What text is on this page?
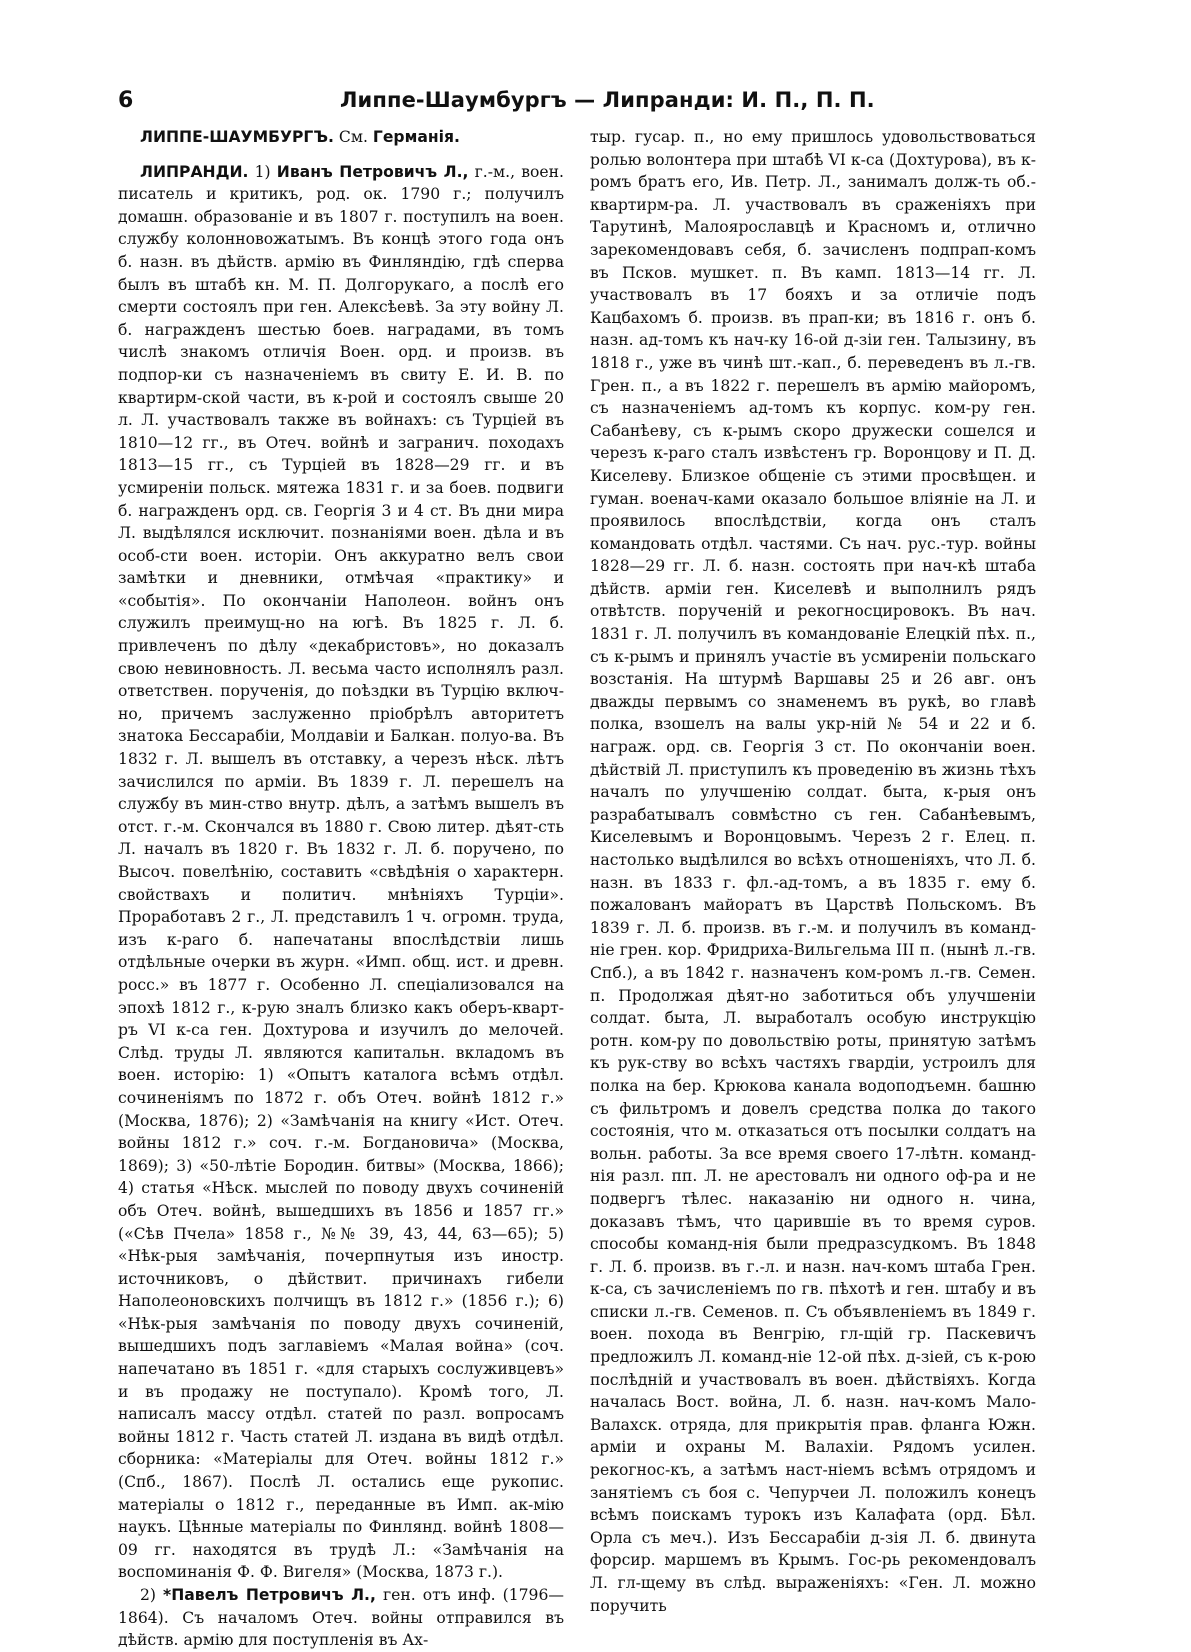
6	Липпе-Шаумбургъ — Липранди: И. П., П. П.

ЛИППЕ-ШАУМБУРГЪ. См. Германія.

ЛИПРАНДИ. 1) Иванъ Петровичъ Л., г.-м., воен. писатель и критикъ, род. ок. 1790 г.; получилъ домашн. образованіе и въ 1807 г. поступилъ на воен. службу колонновожатымъ. Въ концѣ этого года онъ б. назн. въ дѣйств. армію въ Финляндію, гдѣ сперва былъ въ штабѣ кн. М. П. Долгорукаго, а послѣ его смерти состоялъ при ген. Алексѣевѣ. За эту войну Л. б. награжденъ шестью боев. наградами, въ томъ числѣ знакомъ отличія Воен. орд. и произв. въ подпор-ки съ назначеніемъ въ свиту Е. И. В. по квартирм-ской части, въ к-рой и состоялъ свыше 20 л. Л. участвовалъ также въ войнахъ: съ Турціей въ 1810—12 гг., въ Отеч. войнѣ и загранич. походахъ 1813—15 гг., съ Турціей въ 1828—29 гг. и въ усмиреніи польск. мятежа 1831 г. и за боев. подвиги б. награжденъ орд. св. Георгія 3 и 4 ст. Въ дни мира Л. выдѣлялся исключит. познаніями воен. дѣла и въ особ-сти воен. исторіи. Онъ аккуратно велъ свои замѣтки и дневники, отмѣчая «практику» и «событія». По окончаніи Наполеон. войнъ онъ служилъ преимущ-но на югѣ. Въ 1825 г. Л. б. привлеченъ по дѣлу «декабристовъ», но доказалъ свою невиновность. Л. весьма часто исполнялъ разл. ответствен. порученія, до поѣздки въ Турцію включ-но, причемъ заслуженно пріобрѣлъ авторитетъ знатока Бессарабіи, Молдавіи и Балкан. полуо-ва. Въ 1832 г. Л. вышелъ въ отставку, а черезъ нѣск. лѣтъ зачислился по арміи. Въ 1839 г. Л. перешелъ на службу въ мин-ство внутр. дѣлъ, а затѣмъ вышелъ въ отст. г.-м. Скончался въ 1880 г. Свою литер. дѣят-сть Л. началъ въ 1820 г. Въ 1832 г. Л. б. поручено, по Высоч. повелѣнію, составить «свѣдѣнія о характерн. свойствахъ и политич. мнѣніяхъ Турціи». Проработавъ 2 г., Л. представилъ 1 ч. огромн. труда, изъ к-раго б. напечатаны впослѣдствіи лишь отдѣльные очерки въ журн. «Имп. общ. ист. и древн. росс.» въ 1877 г. Особенно Л. спеціализовался на эпохѣ 1812 г., к-рую зналъ близко какъ оберъ-кварт-ръ VI к-са ген. Дохтурова и изучилъ до мелочей. Слѣд. труды Л. являются капитальн. вкладомъ въ воен. исторію: 1) «Опытъ каталога всѣмъ отдѣл. сочиненіямъ по 1872 г. объ Отеч. войнѣ 1812 г.» (Москва, 1876); 2) «Замѣчанія на книгу «Ист. Отеч. войны 1812 г.» соч. г.-м. Богдановича» (Москва, 1869); 3) «50-лѣтіе Бородин. битвы» (Москва, 1866); 4) статья «Нѣск. мыслей по поводу двухъ сочиненій объ Отеч. войнѣ, вышедшихъ въ 1856 и 1857 гг.» («Сѣв Пчела» 1858 г., №№ 39, 43, 44, 63—65); 5) «Нѣк-рыя замѣчанія, почерпнутыя изъ иностр. источниковъ, о дѣйствит. причинахъ гибели Наполеоновскихъ полчищъ въ 1812 г.» (1856 г.); 6) «Нѣк-рыя замѣчанія по поводу двухъ сочиненій, вышедшихъ подъ заглавіемъ «Малая война» (соч. напечатано въ 1851 г. «для старыхъ сослуживцевъ» и въ продажу не поступало). Кромѣ того, Л. написалъ массу отдѣл. статей по разл. вопросамъ войны 1812 г. Часть статей Л. издана въ видѣ отдѣл. сборника: «Матеріалы для Отеч. войны 1812 г.» (Спб., 1867). Послѣ Л. остались еще рукопис. матеріалы о 1812 г., переданные въ Имп. ак-мію наукъ. Цѣнные матеріалы по Финлянд. войнѣ 1808—09 гг. находятся въ трудѣ Л.: «Замѣчанія на воспоминанія Ф. Ф. Вигеля» (Москва, 1873 г.).

2) *Павелъ Петровичъ Л., ген. отъ инф. (1796—1864). Съ началомъ Отеч. войны отправился въ дѣйств. армію для поступленія въ Ах-

тыр. гусар. п., но ему пришлось удовольствоваться ролью волонтера при штабѣ VI к-са (Дохтурова), въ к-ромъ братъ его, Ив. Петр. Л., занималъ долж-ть об.-квартирм-ра. Л. участвовалъ въ сраженіяхъ при Тарутинѣ, Малоярославцѣ и Красномъ и, отлично зарекомендовавъ себя, б. зачисленъ подпрап-комъ въ Псков. мушкет. п. Въ камп. 1813—14 гг. Л. участвовалъ въ 17 бояхъ и за отличіе подъ Кацбахомъ б. произв. въ прап-ки; въ 1816 г. онъ б. назн. ад-томъ къ нач-ку 16-ой д-зіи ген. Талызину, въ 1818 г., уже въ чинѣ шт.-кап., б. переведенъ въ л.-гв. Грен. п., а въ 1822 г. перешелъ въ армію майоромъ, съ назначеніемъ ад-томъ къ корпус. ком-ру ген. Сабанѣеву, съ к-рымъ скоро дружески сошелся и черезъ к-раго сталъ извѣстенъ гр. Воронцову и П. Д. Киселеву. Близкое общеніе съ этими просвѣщен. и гуман. военач-ками оказало большое вліяніе на Л. и проявилось впослѣдствіи, когда онъ сталъ командовать отдѣл. частями. Съ нач. рус.-тур. войны 1828—29 гг. Л. б. назн. состоять при нач-кѣ штаба дѣйств. арміи ген. Киселевѣ и выполнилъ рядъ отвѣтств. порученій и рекогносцировокъ. Въ нач. 1831 г. Л. получилъ въ командованіе Елецкій пѣх. п., съ к-рымъ и принялъ участіе въ усмиреніи польскаго возстанія. На штурмѣ Варшавы 25 и 26 авг. онъ дважды первымъ со знаменемъ въ рукѣ, во главѣ полка, взошелъ на валы укр-ній № 54 и 22 и б. награж. орд. св. Георгія 3 ст. По окончаніи воен. дѣйствій Л. приступилъ къ проведенію въ жизнь тѣхъ началъ по улучшенію солдат. быта, к-рыя онъ разрабатывалъ совмѣстно съ ген. Сабанѣевымъ, Киселевымъ и Воронцовымъ. Черезъ 2 г. Елец. п. настолько выдѣлился во всѣхъ отношеніяхъ, что Л. б. назн. въ 1833 г. фл.-ад-томъ, а въ 1835 г. ему б. пожалованъ майоратъ въ Царствѣ Польскомъ. Въ 1839 г. Л. б. произв. въ г.-м. и получилъ въ команд-ніе грен. кор. Фридриха-Вильгельма III п. (нынѣ л.-гв. Спб.), а въ 1842 г. назначенъ ком-ромъ л.-гв. Семен. п. Продолжая дѣят-но заботиться объ улучшеніи солдат. быта, Л. выработалъ особую инструкцію ротн. ком-ру по довольствію роты, принятую затѣмъ къ рук-ству во всѣхъ частяхъ гвардіи, устроилъ для полка на бер. Крюкова канала водоподъемн. башню съ фильтромъ и довелъ средства полка до такого состоянія, что м. отказаться отъ посылки солдатъ на вольн. работы. За все время своего 17-лѣтн. команд-нія разл. пп. Л. не арестовалъ ни одного оф-ра и не подвергъ тѣлес. наказанію ни одного н. чина, доказавъ тѣмъ, что царившіе въ то время суров. способы команд-нія были предразсудкомъ. Въ 1848 г. Л. б. произв. въ г.-л. и назн. нач-комъ штаба Грен. к-са, съ зачисленіемъ по гв. пѣхотѣ и ген. штабу и въ списки л.-гв. Семенов. п. Съ объявленіемъ въ 1849 г. воен. похода въ Венгрію, гл-щій гр. Паскевичъ предложилъ Л. команд-ніе 12-ой пѣх. д-зіей, съ к-рою послѣдній и участвовалъ въ воен. дѣйствіяхъ. Когда началась Вост. война, Л. б. назн. нач-комъ Мало-Валахск. отряда, для прикрытія прав. фланга Южн. арміи и охраны М. Валахіи. Рядомъ усилен. рекогнос-къ, а затѣмъ наст-ніемъ всѣмъ отрядомъ и занятіемъ съ боя с. Чепурчеи Л. положилъ конецъ всѣмъ поискамъ турокъ изъ Калафата (орд. Бѣл. Орла съ меч.). Изъ Бессарабіи д-зія Л. б. двинута форсир. маршемъ въ Крымъ. Гос-рь рекомендовалъ Л. гл-щему въ слѣд. выраженіяхъ: «Ген. Л. можно поручить
